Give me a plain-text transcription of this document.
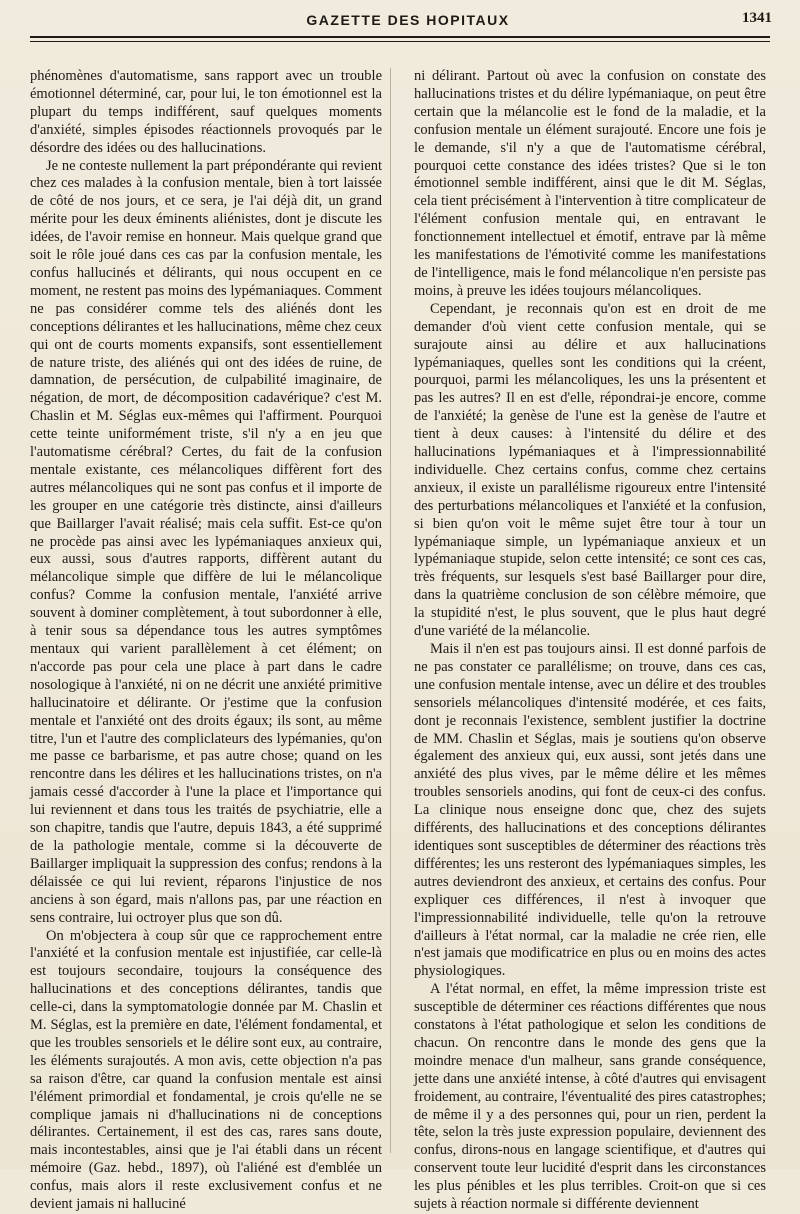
GAZETTE DES HOPITAUX	1341

phénomènes d'automatisme, sans rapport avec un trouble émotionnel déterminé, car, pour lui, le ton émotionnel est la plupart du temps indifférent, sauf quelques moments d'anxiété, simples épisodes réactionnels provoqués par le désordre des idées ou des hallucinations.

Je ne conteste nullement la part prépondérante qui revient chez ces malades à la confusion mentale, bien à tort laissée de côté de nos jours, et ce sera, je l'ai déjà dit, un grand mérite pour les deux éminents aliénistes, dont je discute les idées, de l'avoir remise en honneur. Mais quelque grand que soit le rôle joué dans ces cas par la confusion mentale, les confus hallucinés et délirants, qui nous occupent en ce moment, ne restent pas moins des lypémaniaques. Comment ne pas considérer comme tels des aliénés dont les conceptions délirantes et les hallucinations, même chez ceux qui ont de courts moments expansifs, sont essentiellement de nature triste, des aliénés qui ont des idées de ruine, de damnation, de persécution, de culpabilité imaginaire, de négation, de mort, de décomposition cadavérique? c'est M. Chaslin et M. Séglas eux-mêmes qui l'affirment. Pourquoi cette teinte uniformément triste, s'il n'y a en jeu que l'automatisme cérébral? Certes, du fait de la confusion mentale existante, ces mélancoliques diffèrent fort des autres mélancoliques qui ne sont pas confus et il importe de les grouper en une catégorie très distincte, ainsi d'ailleurs que Baillarger l'avait réalisé; mais cela suffit. Est-ce qu'on ne procède pas ainsi avec les lypémaniaques anxieux qui, eux aussi, sous d'autres rapports, diffèrent autant du mélancolique simple que diffère de lui le mélancolique confus? Comme la confusion mentale, l'anxiété arrive souvent à dominer complètement, à tout subordonner à elle, à tenir sous sa dépendance tous les autres symptômes mentaux qui varient parallèlement à cet élément; on n'accorde pas pour cela une place à part dans le cadre nosologique à l'anxiété, ni on ne décrit une anxiété primitive hallucinatoire et délirante. Or j'estime que la confusion mentale et l'anxiété ont des droits égaux; ils sont, au même titre, l'un et l'autre des compliclateurs des lypémanies, qu'on me passe ce barbarisme, et pas autre chose; quand on les rencontre dans les délires et les hallucinations tristes, on n'a jamais cessé d'accorder à l'une la place et l'importance qui lui reviennent et dans tous les traités de psychiatrie, elle a son chapitre, tandis que l'autre, depuis 1843, a été supprimé de la pathologie mentale, comme si la découverte de Baillarger impliquait la suppression des confus; rendons à la délaissée ce qui lui revient, réparons l'injustice de nos anciens à son égard, mais n'allons pas, par une réaction en sens contraire, lui octroyer plus que son dû.

On m'objectera à coup sûr que ce rapprochement entre l'anxiété et la confusion mentale est injustifiée, car celle-là est toujours secondaire, toujours la conséquence des hallucinations et des conceptions délirantes, tandis que celle-ci, dans la symptomatologie donnée par M. Chaslin et M. Séglas, est la première en date, l'élément fondamental, et que les troubles sensoriels et le délire sont eux, au contraire, les éléments surajoutés. A mon avis, cette objection n'a pas sa raison d'être, car quand la confusion mentale est ainsi l'élément primordial et fondamental, je crois qu'elle ne se complique jamais ni d'hallucinations ni de conceptions délirantes. Certainement, il est des cas, rares sans doute, mais incontestables, ainsi que je l'ai établi dans un récent mémoire (Gaz. hebd., 1897), où l'aliéné est d'emblée un confus, mais alors il reste exclusivement confus et ne devient jamais ni halluciné

ni délirant. Partout où avec la confusion on constate des hallucinations tristes et du délire lypémaniaque, on peut être certain que la mélancolie est le fond de la maladie, et la confusion mentale un élément surajouté. Encore une fois je le demande, s'il n'y a que de l'automatisme cérébral, pourquoi cette constance des idées tristes? Que si le ton émotionnel semble indifférent, ainsi que le dit M. Séglas, cela tient précisément à l'intervention à titre complicateur de l'élément confusion mentale qui, en entravant le fonctionnement intellectuel et émotif, entrave par là même les manifestations de l'émotivité comme les manifestations de l'intelligence, mais le fond mélancolique n'en persiste pas moins, à preuve les idées toujours mélancoliques.

Cependant, je reconnais qu'on est en droit de me demander d'où vient cette confusion mentale, qui se surajoute ainsi au délire et aux hallucinations lypémaniaques, quelles sont les conditions qui la créent, pourquoi, parmi les mélancoliques, les uns la présentent et pas les autres? Il en est d'elle, répondrai-je encore, comme de l'anxiété; la genèse de l'une est la genèse de l'autre et tient à deux causes: à l'intensité du délire et des hallucinations lypémaniaques et à l'impressionnabilité individuelle. Chez certains confus, comme chez certains anxieux, il existe un parallélisme rigoureux entre l'intensité des perturbations mélancoliques et l'anxiété et la confusion, si bien qu'on voit le même sujet être tour à tour un lypémaniaque simple, un lypémaniaque anxieux et un lypémaniaque stupide, selon cette intensité; ce sont ces cas, très fréquents, sur lesquels s'est basé Baillarger pour dire, dans la quatrième conclusion de son célèbre mémoire, que la stupidité n'est, le plus souvent, que le plus haut degré d'une variété de la mélancolie.

Mais il n'en est pas toujours ainsi. Il est donné parfois de ne pas constater ce parallélisme; on trouve, dans ces cas, une confusion mentale intense, avec un délire et des troubles sensoriels mélancoliques d'intensité modérée, et ces faits, dont je reconnais l'existence, semblent justifier la doctrine de MM. Chaslin et Séglas, mais je soutiens qu'on observe également des anxieux qui, eux aussi, sont jetés dans une anxiété des plus vives, par le même délire et les mêmes troubles sensoriels anodins, qui font de ceux-ci des confus. La clinique nous enseigne donc que, chez des sujets différents, des hallucinations et des conceptions délirantes identiques sont susceptibles de déterminer des réactions très différentes; les uns resteront des lypémaniaques simples, les autres deviendront des anxieux, et certains des confus. Pour expliquer ces différences, il n'est à invoquer que l'impressionnabilité individuelle, telle qu'on la retrouve d'ailleurs à l'état normal, car la maladie ne crée rien, elle n'est jamais que modificatrice en plus ou en moins des actes physiologiques.

A l'état normal, en effet, la même impression triste est susceptible de déterminer ces réactions différentes que nous constatons à l'état pathologique et selon les conditions de chacun. On rencontre dans le monde des gens que la moindre menace d'un malheur, sans grande conséquence, jette dans une anxiété intense, à côté d'autres qui envisagent froidement, au contraire, l'éventualité des pires catastrophes; de même il y a des personnes qui, pour un rien, perdent la tête, selon la très juste expression populaire, deviennent des confus, dirons-nous en langage scientifique, et d'autres qui conservent toute leur lucidité d'esprit dans les circonstances les plus pénibles et les plus terribles. Croit-on que si ces sujets à réaction normale si différente deviennent
